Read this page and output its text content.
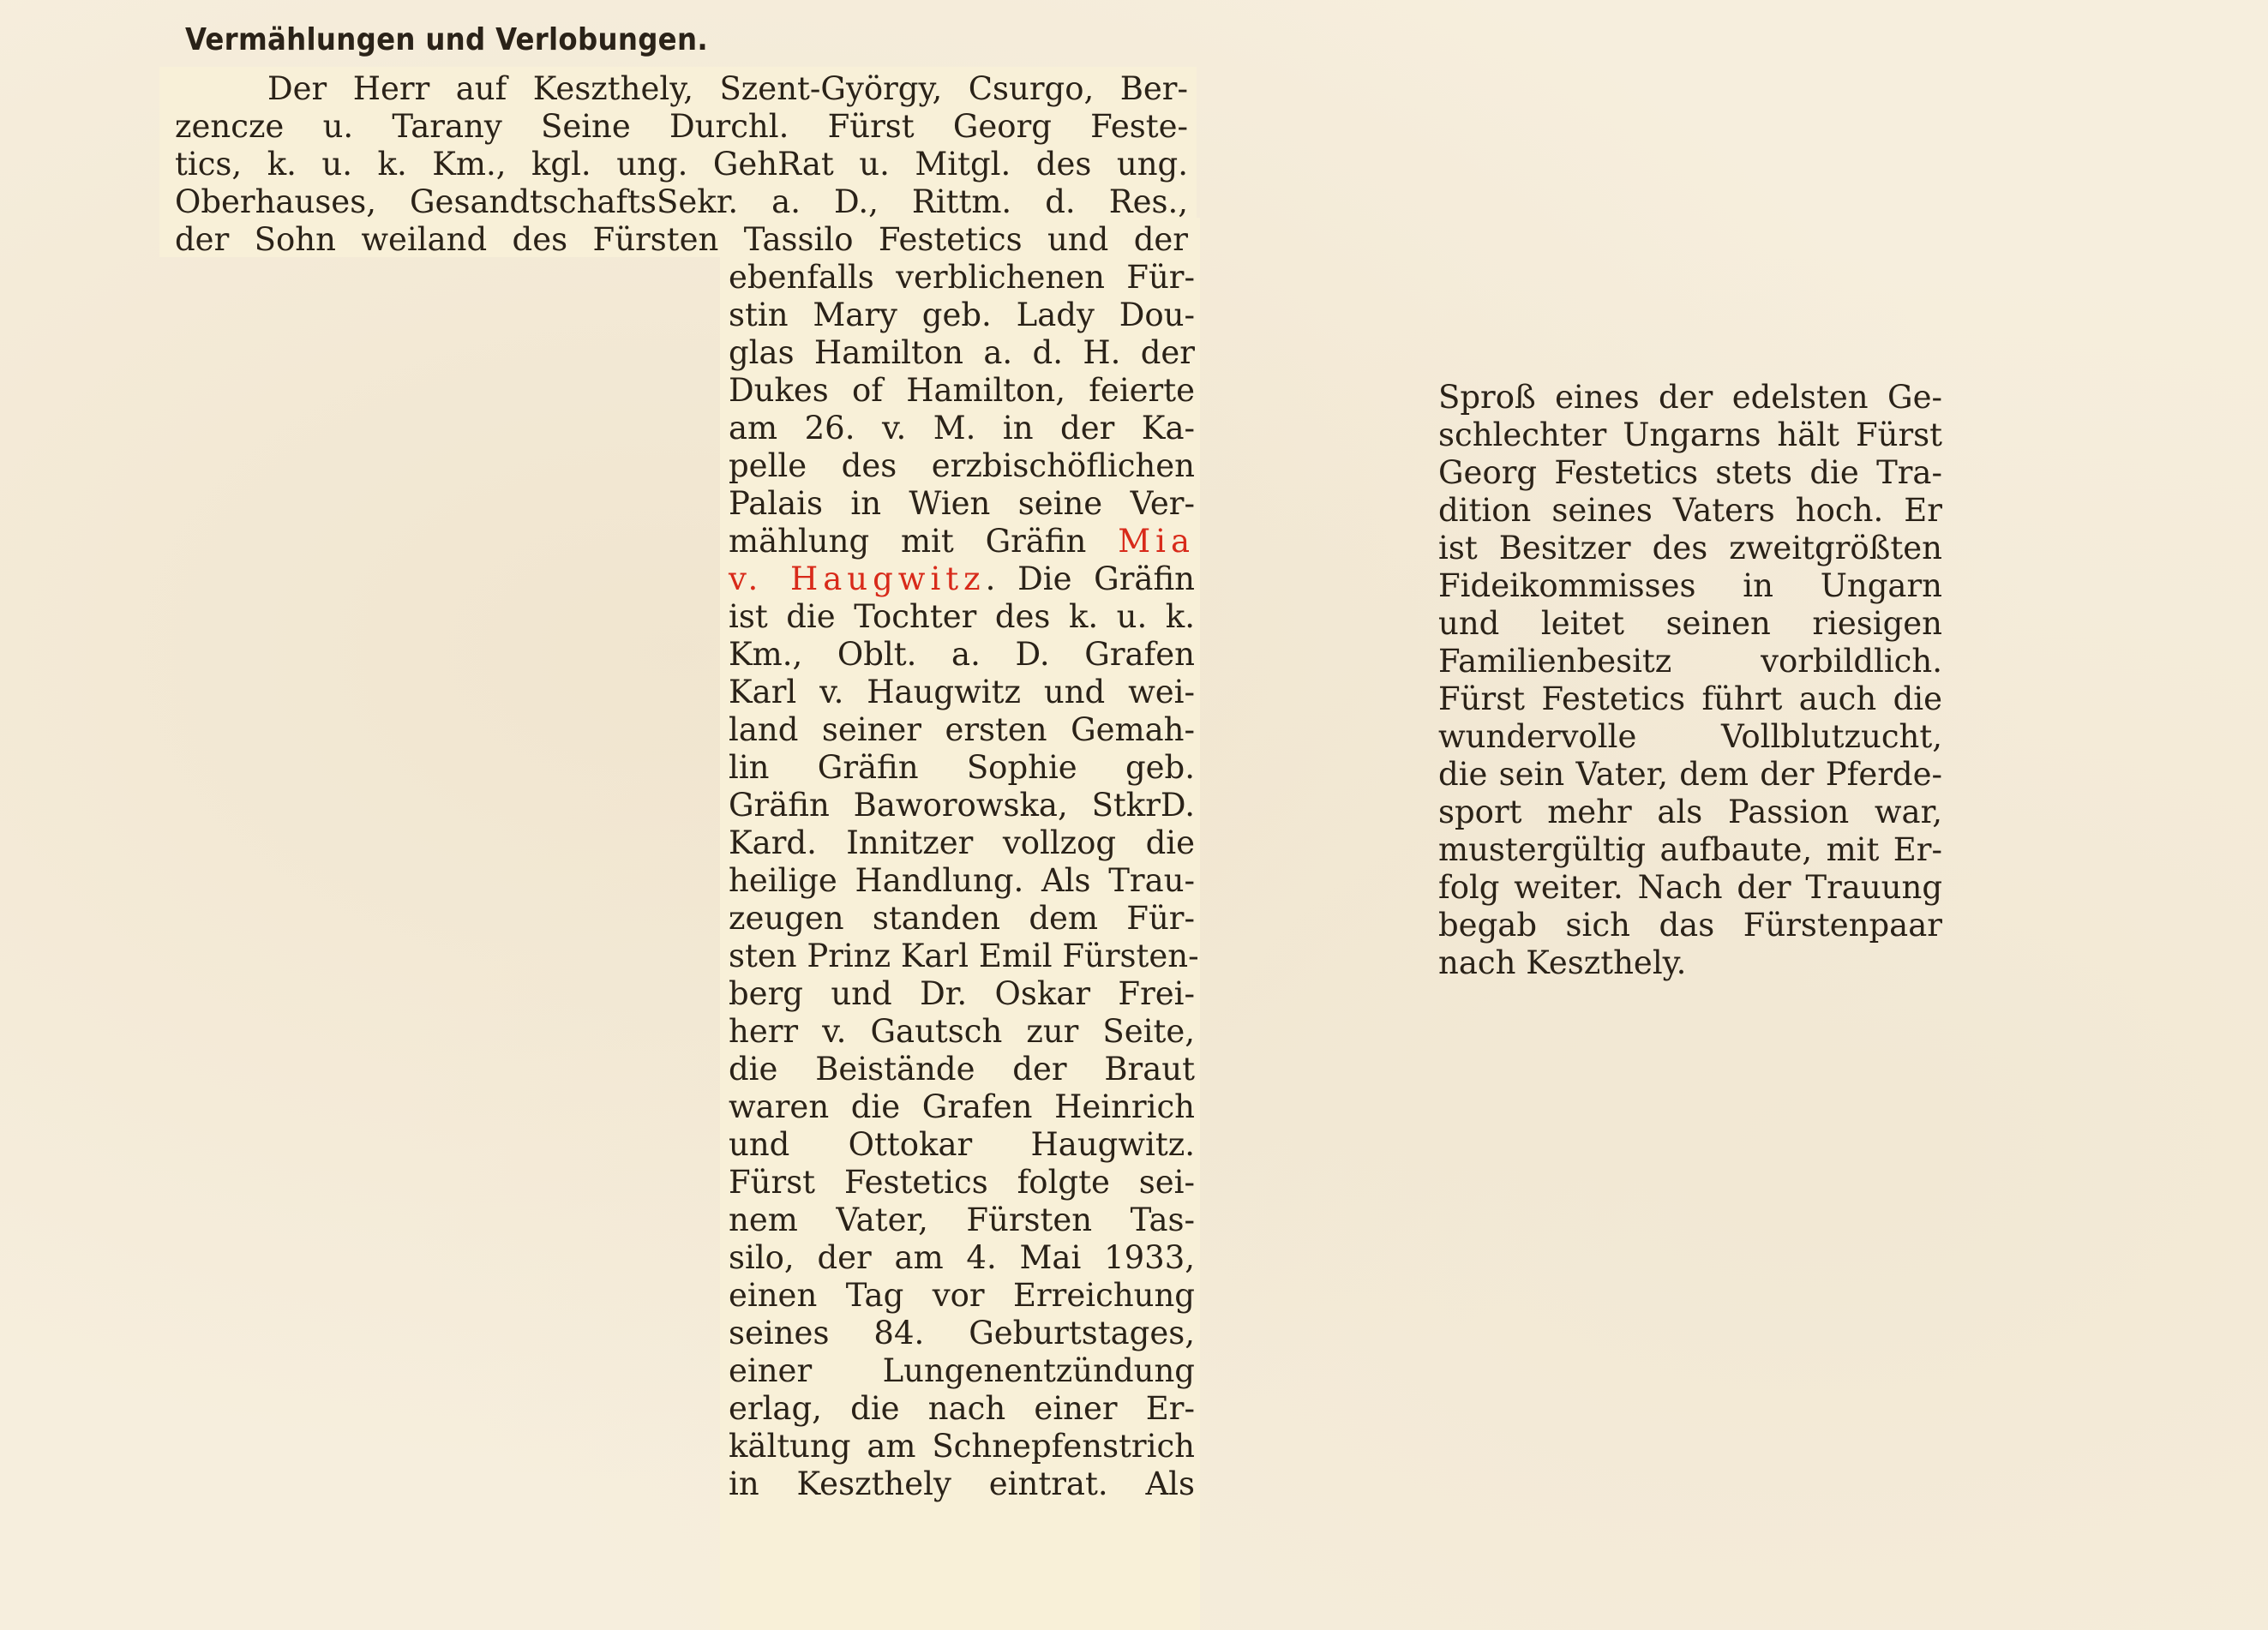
Vermählungen und Verlobungen.

Der Herr auf Keszthely, Szent-György, Csurgo, Ber-

zencze u. Tarany Seine Durchl. Fürst Georg Feste-

tics, k. u. k. Km., kgl. ung. GehRat u. Mitgl. des ung.

Oberhauses, GesandtschaftsSekr. a. D., Rittm. d. Res.,

der Sohn weiland des Fürsten Tassilo Festetics und der

ebenfalls verblichenen Für-

stin Mary geb. Lady Dou-

glas Hamilton a. d. H. der

Dukes of Hamilton, feierte

am 26. v. M. in der Ka-

pelle des erzbischöflichen

Palais in Wien seine Ver-

mählung mit Gräfin Mia

v. Haugwitz. Die Gräfin

ist die Tochter des k. u. k.

Km., Oblt. a. D. Grafen

Karl v. Haugwitz und wei-

land seiner ersten Gemah-

lin Gräfin Sophie geb.

Gräfin Baworowska, StkrD.

Kard. Innitzer vollzog die

heilige Handlung. Als Trau-

zeugen standen dem Für-

sten Prinz Karl Emil Fürsten-

berg und Dr. Oskar Frei-

herr v. Gautsch zur Seite,

die Beistände der Braut

waren die Grafen Heinrich

und Ottokar Haugwitz.

Fürst Festetics folgte sei-

nem Vater, Fürsten Tas-

silo, der am 4. Mai 1933,

einen Tag vor Erreichung

seines 84. Geburtstages,

einer Lungenentzündung

erlag, die nach einer Er-

kältung am Schnepfenstrich

in Keszthely eintrat. Als

Sproß eines der edelsten Ge-

schlechter Ungarns hält Fürst

Georg Festetics stets die Tra-

dition seines Vaters hoch. Er

ist Besitzer des zweitgrößten

Fideikommisses in Ungarn

und leitet seinen riesigen

Familienbesitz vorbildlich.

Fürst Festetics führt auch die

wundervolle Vollblutzucht,

die sein Vater, dem der Pferde-

sport mehr als Passion war,

mustergültig aufbaute, mit Er-

folg weiter. Nach der Trauung

begab sich das Fürstenpaar

nach Keszthely.
